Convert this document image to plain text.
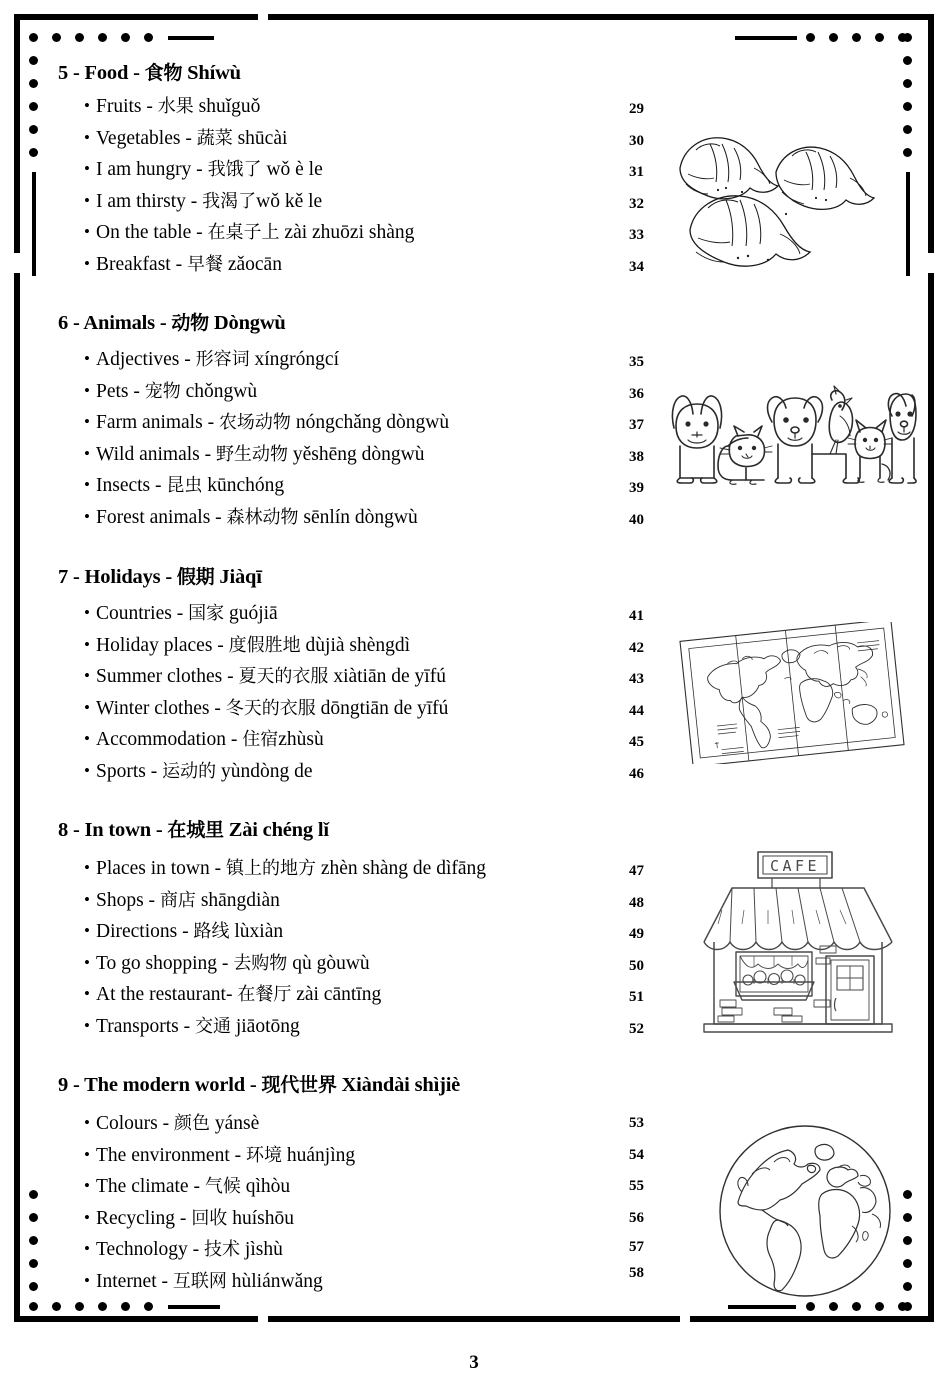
5 - Food - 食物 Shíwù
• Fruits - 水果 shuǐguǒ	29
• Vegetables - 蔬菜 shūcài	30
• I am hungry - 我饿了 wǒ è le	31
• I am thirsty - 我渴了wǒ kě le	32
• On the table - 在桌子上 zài zhuōzi shàng	33
• Breakfast - 早餐 zǎocān	34
6 - Animals - 动物 Dòngwù
• Adjectives - 形容词 xíngróngcí	35
• Pets - 宠物 chǒngwù	36
• Farm animals - 农场动物 nóngchǎng dòngwù	37
• Wild animals - 野生动物 yěshēng dòngwù	38
• Insects - 昆虫 kūnchóng	39
• Forest animals - 森林动物 sēnlín dòngwù	40
7 - Holidays - 假期 Jiàqī
• Countries - 国家 guójiā	41
• Holiday places - 度假胜地 dùjià shèngdì	42
• Summer clothes - 夏天的衣服 xiàtiān de yīfú	43
• Winter clothes - 冬天的衣服 dōngtiān de yīfú	44
• Accommodation - 住宿zhùsù	45
• Sports - 运动的 yùndòng de	46
8 - In town - 在城里 Zài chéng lǐ
• Places in town - 镇上的地方 zhèn shàng de dìfāng	47
• Shops - 商店 shāngdiàn	48
• Directions - 路线 lùxiàn	49
• To go shopping - 去购物 qù gòuwù	50
• At the restaurant- 在餐厅 zài cāntīng	51
• Transports - 交通 jiāotōng	52
CAFE
9 - The modern world - 现代世界 Xiàndài shìjiè
• Colours - 颜色 yánsè	53
• The environment - 环境 huánjìng	54
• The climate - 气候 qìhòu	55
• Recycling - 回收 huíshōu	56
• Technology - 技术 jìshù	57
• Internet - 互联网 hùliánwǎng	58
3
